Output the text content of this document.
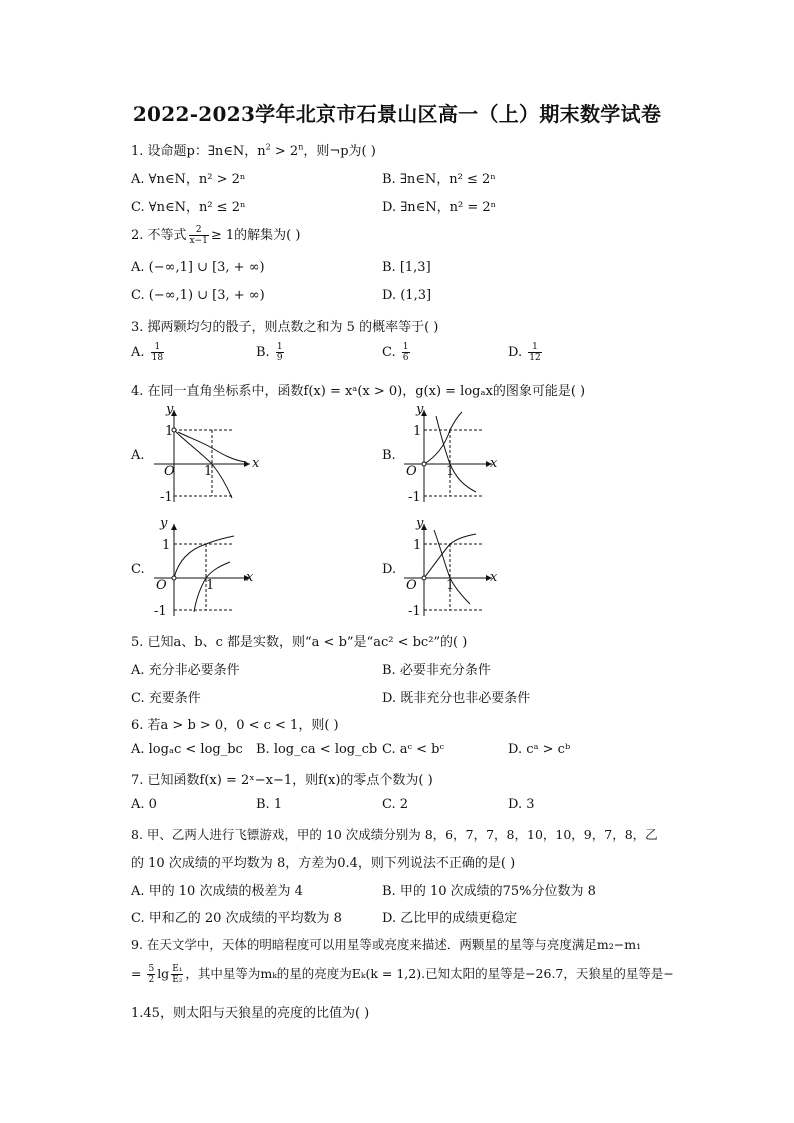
2022-2023学年北京市石景山区高一（上）期末数学试卷
1. 设命题p：∃n∈N，$n^2 > 2^n$，则¬p为( )
A. ∀n∈N，n² > 2ⁿ	B. ∃n∈N，n² ≤ 2ⁿ
C. ∀n∈N，n² ≤ 2ⁿ	D. ∃n∈N，n² = 2ⁿ
2. 不等式 $\frac{2}{x-1} \ge 1$的解集为( )
A. (−∞,1] ∪ [3, + ∞)	B. [1,3]
C. (−∞,1) ∪ [3, + ∞)	D. (1,3]
3. 掷两颗均匀的骰子，则点数之和为 5 的概率等于( )
A. $\frac{1}{18}$	B. $\frac{1}{9}$	C. $\frac{1}{6}$	D. $\frac{1}{12}$
4. 在同一直角坐标系中，函数f(x) = xᵃ(x > 0)，g(x) = logₐx的图象可能是( )
A.	B.
C.	D.
y
x
O
1
1
-1
y
x
O
1
1
-1
y
x
O
1
1
-1
y
x
O
1
1
-1
5. 已知a、b、c 都是实数，则“a < b”是“ac² < bc²”的( )
A. 充分非必要条件	B. 必要非充分条件
C. 充要条件	D. 既非充分也非必要条件
6. 若a > b > 0，0 < c < 1，则( )
A. logₐc < log_bc B. log_ca < log_cb C. aᶜ < bᶜ	D. cᵃ > cᵇ
7. 已知函数f(x) = 2ˣ−x−1，则f(x)的零点个数为( )
A. 0	B. 1	C. 2	D. 3
8. 甲、乙两人进行飞镖游戏，甲的 10 次成绩分别为 8，6，7，7，8，10，10，9，7，8，乙
的 10 次成绩的平均数为 8，方差为0.4，则下列说法不正确的是( )
A. 甲的 10 次成绩的极差为 4	B. 甲的 10 次成绩的75%分位数为 8
C. 甲和乙的 20 次成绩的平均数为 8	D. 乙比甲的成绩更稳定
9. 在天文学中，天体的明暗程度可以用星等或亮度来描述．两颗星的星等与亮度满足m₂−m₁
= $\frac{5}{2}$ $\lg \frac{\text{E₁}}{\text{E₂}}$ ，其中星等为mₖ的星的亮度为Eₖ(k = 1,2).已知太阳的星等是−26.7，天狼星的星等是−
1.45，则太阳与天狼星的亮度的比值为( )
